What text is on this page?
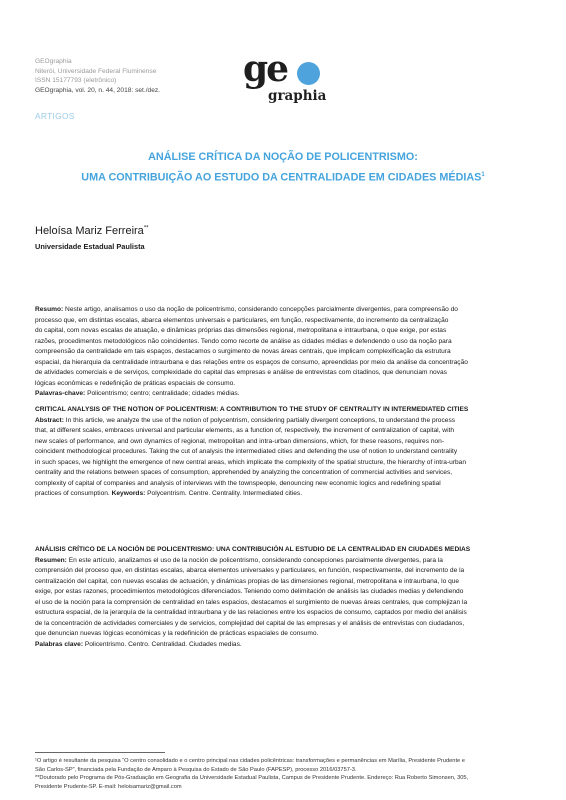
GEOgraphia
Niterói, Universidade Federal Fluminense
ISSN 15177793 (eletrônico)
GEOgraphia, vol. 20, n. 44, 2018: set./dez.
ge
graphia
ARTIGOS
ANÁLISE CRÍTICA DA NOÇÃO DE POLICENTRISMO:
UMA CONTRIBUIÇÃO AO ESTUDO DA CENTRALIDADE EM CIDADES MÉDIAS$^1$
Heloísa Mariz Ferreira**
Universidade Estadual Paulista
Resumo: Neste artigo, analisamos o uso da noção de policentrismo, considerando concepções parcialmente divergentes, para compreensão do
processo que, em distintas escalas, abarca elementos universais e particulares, em função, respectivamente, do incremento da centralização
do capital, com novas escalas de atuação, e dinâmicas próprias das dimensões regional, metropolitana e intraurbana, o que exige, por estas
razões, procedimentos metodológicos não coincidentes. Tendo como recorte de análise as cidades médias e defendendo o uso da noção para
compreensão da centralidade em tais espaços, destacamos o surgimento de novas áreas centrais, que implicam complexificação da estrutura
espacial, da hierarquia da centralidade intraurbana e das relações entre os espaços de consumo, apreendidas por meio da análise da concentração
de atividades comerciais e de serviços, complexidade do capital das empresas e análise de entrevistas com citadinos, que denunciam novas
lógicas econômicas e redefinição de práticas espaciais de consumo.
Palavras-chave: Policentrismo; centro; centralidade; cidades médias.
CRITICAL ANALYSIS OF THE NOTION OF POLICENTRISM: A CONTRIBUTION TO THE STUDY OF CENTRALITY IN INTERMEDIATED CITIES
Abstract: In this article, we analyze the use of the notion of polycentrism, considering partially divergent conceptions, to understand the process
that, at different scales, embraces universal and particular elements, as a function of, respectively, the increment of centralization of capital, with
new scales of performance, and own dynamics of regional, metropolitan and intra-urban dimensions, which, for these reasons, requires non-
coincident methodological procedures. Taking the cut of analysis the intermediated cities and defending the use of notion to understand centrality
in such spaces, we highlight the emergence of new central areas, which implicate the complexity of the spatial structure, the hierarchy of intra-urban
centrality and the relations between spaces of consumption, apprehended by analyzing the concentration of commercial activities and services,
complexity of capital of companies and analysis of interviews with the townspeople, denouncing new economic logics and redefining spatial
practices of consumption. Keywords: Polycentrism. Centre. Centrality. Intermediated cities.
ANÁLISIS CRÍTICO DE LA NOCIÓN DE POLICENTRISMO: UNA CONTRIBUCIÓN AL ESTUDIO DE LA CENTRALIDAD EN CIUDADES MEDIAS
Resumen: En este artículo, analizamos el uso de la noción de policentrismo, considerando concepciones parcialmente divergentes, para la
comprensión del proceso que, en distintas escalas, abarca elementos universales y particulares, en función, respectivamente, del incremento de la
centralización del capital, con nuevas escalas de actuación, y dinámicas propias de las dimensiones regional, metropolitana e intraurbana, lo que
exige, por estas razones, procedimientos metodológicos diferenciados. Teniendo como delimitación de análisis las ciudades medias y defendiendo
el uso de la noción para la comprensión de centralidad en tales espacios, destacamos el surgimiento de nuevas áreas centrales, que complejizan la
estructura espacial, de la jerarquía de la centralidad intraurbana y de las relaciones entre los espacios de consumo, captados por medio del análisis
de la concentración de actividades comerciales y de servicios, complejidad del capital de las empresas y el análisis de entrevistas con ciudadanos,
que denuncian nuevas lógicas económicas y la redefinición de prácticas espaciales de consumo.
Palabras clave: Policentrismo. Centro. Centralidad. Ciudades medias.
¹O artigo é resultante da pesquisa “O centro consolidado e o centro principal nas cidades policêntricas: transformações e permanências em Marília, Presidente Prudente e
São Carlos-SP”, financiada pela Fundação de Amparo à Pesquisa do Estado de São Paulo (FAPESP), processo 2016/03757-3.
**Doutorado pelo Programa de Pós-Graduação em Geografia da Universidade Estadual Paulista, Campus de Presidente Prudente. Endereço: Rua Roberto Simonsen, 305,
Presidente Prudente-SP. E-mail: heloisamariz@gmail.com
